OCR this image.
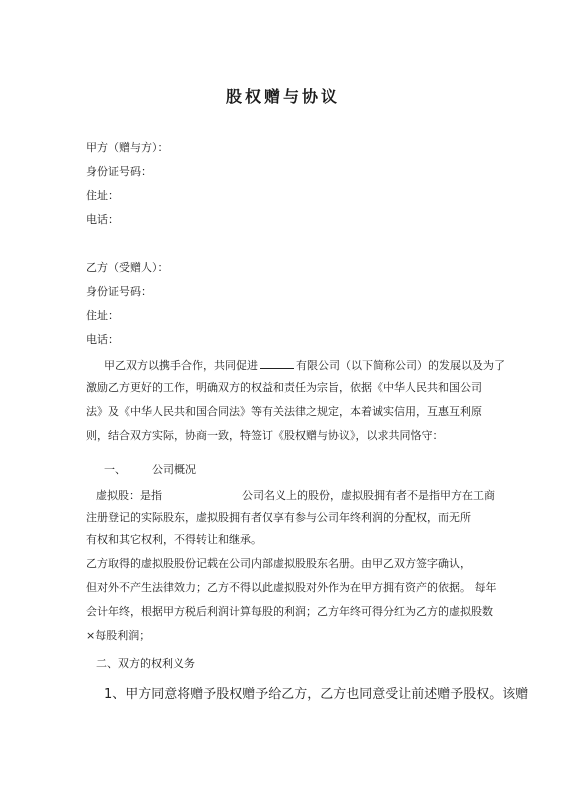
股权赠与协议
甲方（赠与方）：
身份证号码：
住址：
电话：
乙方（受赠人）：
身份证号码：
住址：
电话：
甲乙双方以携手合作，共同促进	有限公司（以下简称公司）的发展以及为了
激励乙方更好的工作，明确双方的权益和责任为宗旨，依据《中华人民共和国公司
法》及《中华人民共和国合同法》等有关法律之规定，本着诚实信用，互惠互利原
则，结合双方实际，协商一致，特签订《股权赠与协议》，以求共同恪守：
一、 公司概况
虚拟股：是指	公司名义上的股份，虚拟股拥有者不是指甲方在工商
注册登记的实际股东，虚拟股拥有者仅享有参与公司年终利润的分配权，而无所
有权和其它权利，不得转让和继承。
乙方取得的虚拟股股份记载在公司内部虚拟股股东名册。由甲乙双方签字确认，
但对外不产生法律效力；乙方不得以此虚拟股对外作为在甲方拥有资产的依据。 每年
会计年终，根据甲方税后利润计算每股的利润；乙方年终可得分红为乙方的虚拟股数
×每股利润；
二、双方的权利义务
1、甲方同意将赠予股权赠予给乙方，乙方也同意受让前述赠予股权。该赠
